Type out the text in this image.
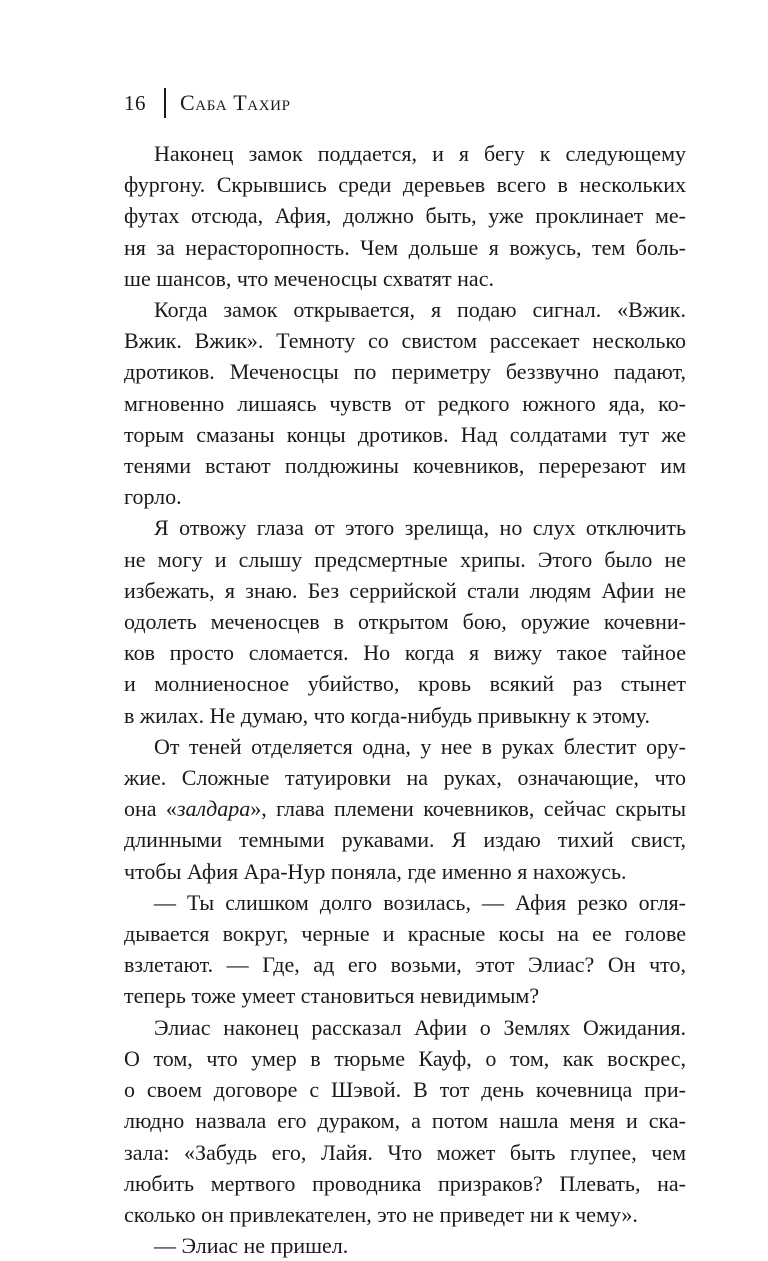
16 Саба Тахир

Наконец замок поддается, и я бегу к следующему
фургону. Скрывшись среди деревьев всего в нескольких
футах отсюда, Афия, должно быть, уже проклинает ме-
ня за нерасторопность. Чем дольше я вожусь, тем боль-
ше шансов, что меченосцы схватят нас.

Когда замок открывается, я подаю сигнал. «Вжик.
Вжик. Вжик». Темноту со свистом рассекает несколько
дротиков. Меченосцы по периметру беззвучно падают,
мгновенно лишаясь чувств от редкого южного яда, ко-
торым смазаны концы дротиков. Над солдатами тут же
тенями встают полдюжины кочевников, перерезают им
горло.

Я отвожу глаза от этого зрелища, но слух отключить
не могу и слышу предсмертные хрипы. Этого было не
избежать, я знаю. Без серрийской стали людям Афии не
одолеть меченосцев в открытом бою, оружие кочевни-
ков просто сломается. Но когда я вижу такое тайное
и молниеносное убийство, кровь всякий раз стынет
в жилах. Не думаю, что когда-нибудь привыкну к этому.

От теней отделяется одна, у нее в руках блестит ору-
жие. Сложные татуировки на руках, означающие, что
она «залдара», глава племени кочевников, сейчас скрыты
длинными темными рукавами. Я издаю тихий свист,
чтобы Афия Ара-Нур поняла, где именно я нахожусь.

— Ты слишком долго возилась, — Афия резко огля-
дывается вокруг, черные и красные косы на ее голове
взлетают. — Где, ад его возьми, этот Элиас? Он что,
теперь тоже умеет становиться невидимым?

Элиас наконец рассказал Афии о Землях Ожидания.
О том, что умер в тюрьме Кауф, о том, как воскрес,
о своем договоре с Шэвой. В тот день кочевница при-
людно назвала его дураком, а потом нашла меня и ска-
зала: «Забудь его, Лайя. Что может быть глупее, чем
любить мертвого проводника призраков? Плевать, на-
сколько он привлекателен, это не приведет ни к чему».

— Элиас не пришел.
